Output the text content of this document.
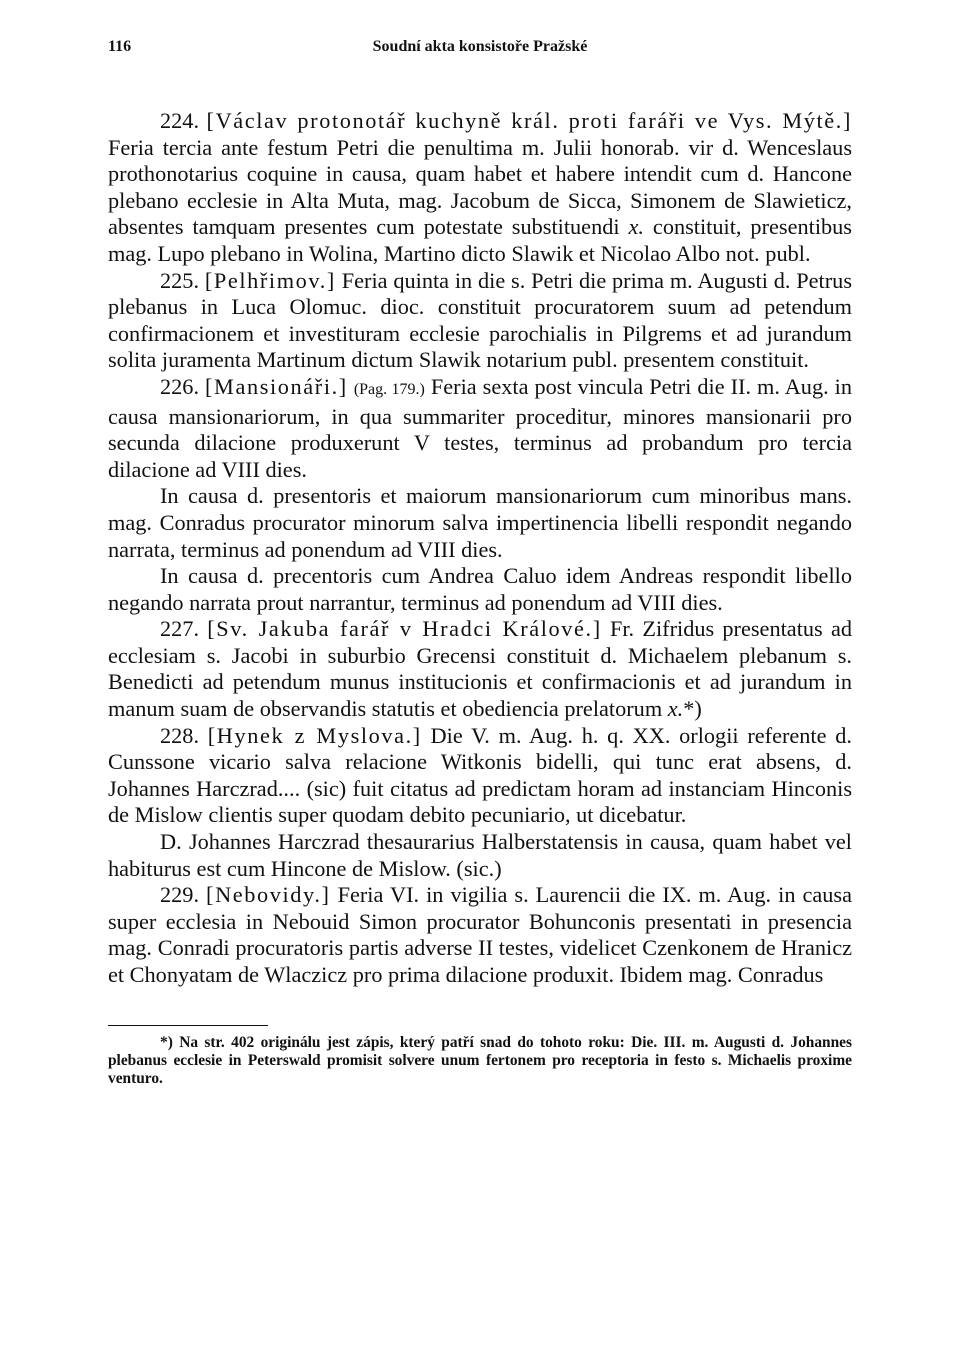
116	Soudní akta konsistoře Pražské

224. [Václav protonotář kuchyně král. proti faráři ve Vys. Mýtě.] Feria tercia ante festum Petri die penultima m. Julii honorab. vir d. Wenceslaus prothonotarius coquine in causa, quam habet et habere intendit cum d. Hancone plebano ecclesie in Alta Muta, mag. Jacobum de Sicca, Simonem de Slawieticz, absentes tamquam presentes cum potestate substituendi x. constituit, presentibus mag. Lupo plebano in Wolina, Martino dicto Slawik et Nicolao Albo not. publ.

225. [Pelhřimov.] Feria quinta in die s. Petri die prima m. Augusti d. Petrus plebanus in Luca Olomuc. dioc. constituit procuratorem suum ad petendum confirmacionem et investituram ecclesie parochialis in Pilgrems et ad jurandum solita juramenta Martinum dictum Slawik notarium publ. presentem constituit.

226. [Mansionáři.] (Pag. 179.) Feria sexta post vincula Petri die II. m. Aug. in causa mansionariorum, in qua summariter proceditur, minores mansionarii pro secunda dilacione produxerunt V testes, terminus ad probandum pro tercia dilacione ad VIII dies.

In causa d. presentoris et maiorum mansionariorum cum minoribus mans. mag. Conradus procurator minorum salva impertinencia libelli respondit negando narrata, terminus ad ponendum ad VIII dies.

In causa d. precentoris cum Andrea Caluo idem Andreas respondit libello negando narrata prout narrantur, terminus ad ponendum ad VIII dies.

227. [Sv. Jakuba farář v Hradci Králové.] Fr. Zifridus presentatus ad ecclesiam s. Jacobi in suburbio Grecensi constituit d. Michaelem plebanum s. Benedicti ad petendum munus institucionis et confirmacionis et ad jurandum in manum suam de observandis statutis et obediencia prelatorum x.*)

228. [Hynek z Myslova.] Die V. m. Aug. h. q. XX. orlogii referente d. Cunssone vicario salva relacione Witkonis bidelli, qui tunc erat absens, d. Johannes Harczrad.... (sic) fuit citatus ad predictam horam ad instanciam Hinconis de Mislow clientis super quodam debito pecuniario, ut dicebatur.

D. Johannes Harczrad thesaurarius Halberstatensis in causa, quam habet vel habiturus est cum Hincone de Mislow. (sic.)

229. [Nebovidy.] Feria VI. in vigilia s. Laurencii die IX. m. Aug. in causa super ecclesia in Nebouid Simon procurator Bohunconis presentati in presencia mag. Conradi procuratoris partis adverse II testes, videlicet Czenkonem de Hranicz et Chonyatam de Wlaczicz pro prima dilacione produxit. Ibidem mag. Conradus

*) Na str. 402 originálu jest zápis, který patří snad do tohoto roku: Die. III. m. Augusti d. Johannes plebanus ecclesie in Peterswald promisit solvere unum fertonem pro receptoria in festo s. Michaelis proxime venturo.
